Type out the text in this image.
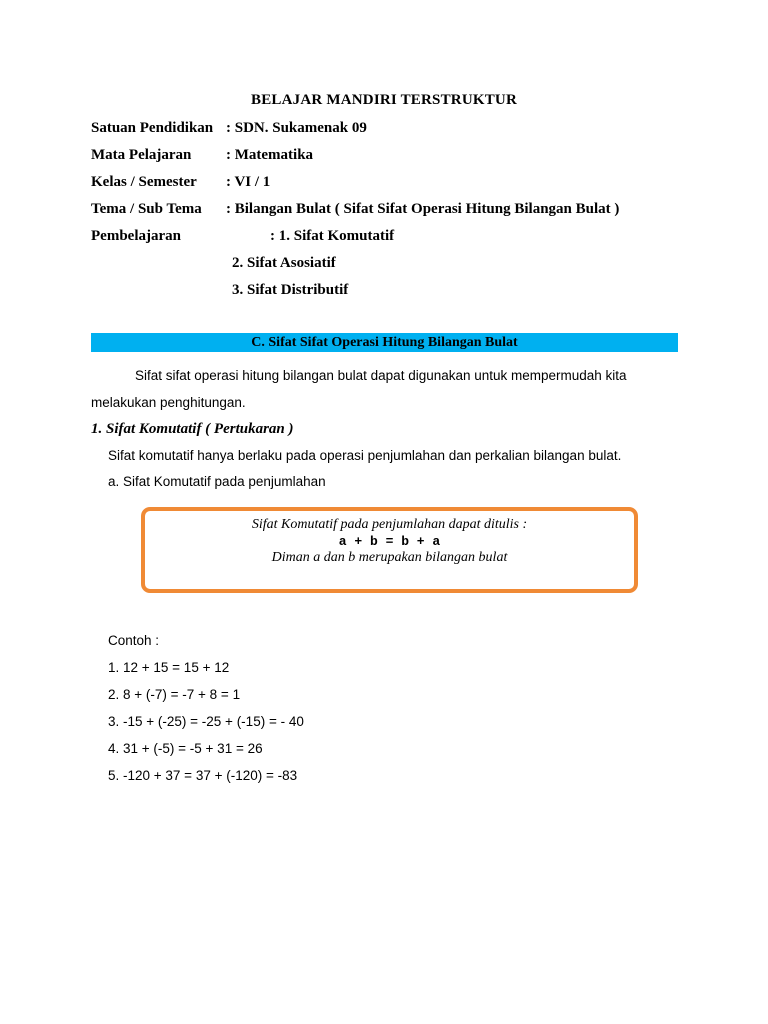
BELAJAR MANDIRI TERSTRUKTUR
Satuan Pendidikan : SDN. Sukamenak 09
Mata Pelajaran : Matematika
Kelas / Semester : VI / 1
Tema / Sub Tema : Bilangan Bulat ( Sifat Sifat Operasi Hitung Bilangan Bulat )
Pembelajaran	: 1. Sifat Komutatif
2. Sifat Asosiatif
3. Sifat Distributif
C. Sifat Sifat Operasi Hitung Bilangan Bulat
Sifat sifat operasi hitung bilangan bulat dapat digunakan untuk mempermudah kita
melakukan penghitungan.
1. Sifat Komutatif ( Pertukaran )
Sifat komutatif hanya berlaku pada operasi penjumlahan dan perkalian bilangan bulat.
a. Sifat Komutatif pada penjumlahan
Sifat Komutatif pada penjumlahan dapat ditulis :
a + b = b + a
Diman a dan b merupakan bilangan bulat
Contoh :
1. 12 + 15 = 15 + 12
2. 8 + (-7) = -7 + 8 = 1
3. -15 + (-25) = -25 + (-15) = - 40
4. 31 + (-5) = -5 + 31 = 26
5. -120 + 37 = 37 + (-120) = -83
